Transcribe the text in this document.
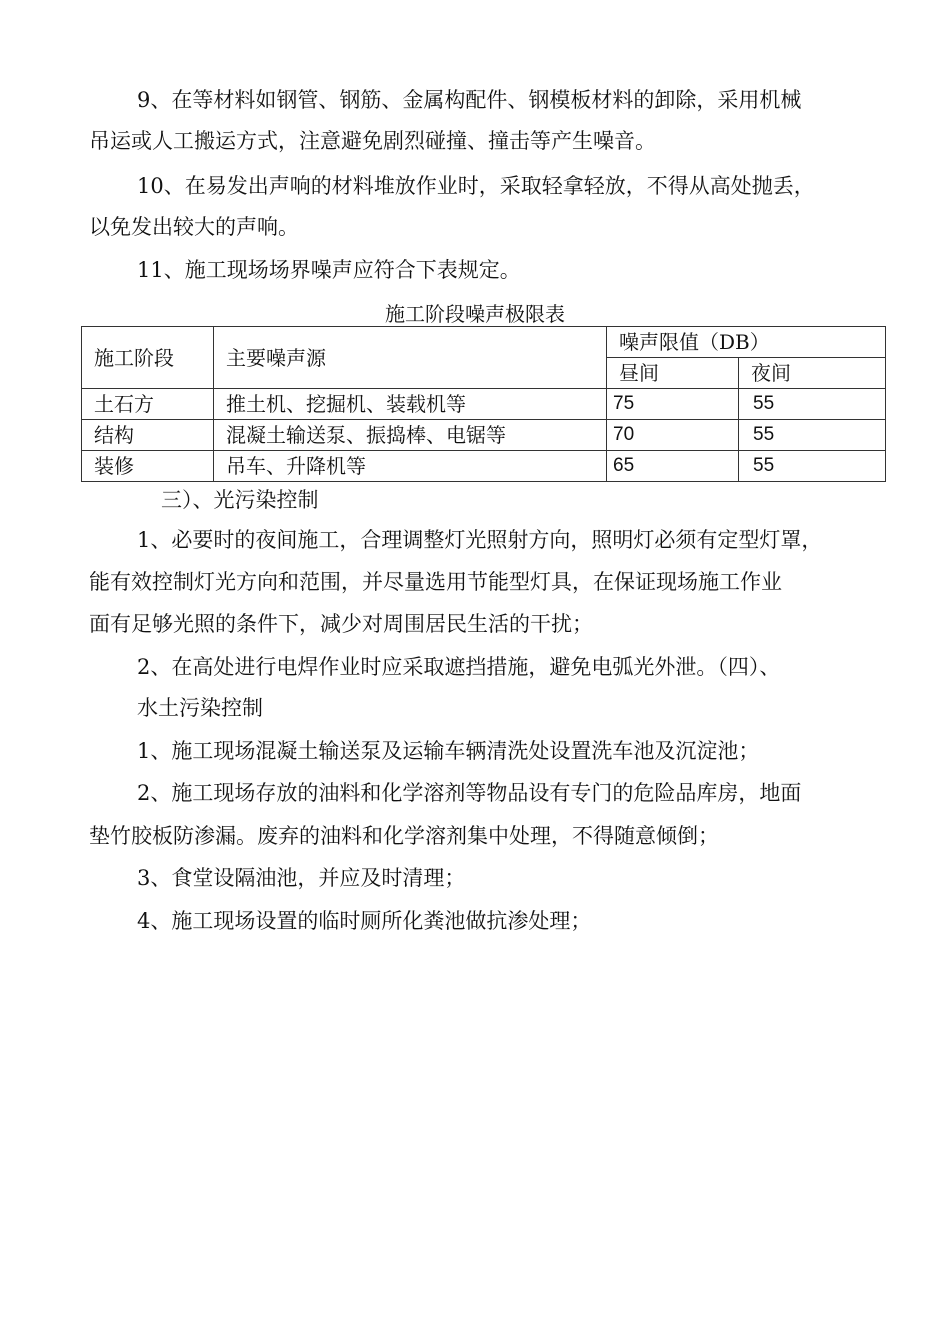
9、在等材料如钢管、钢筋、金属构配件、钢模板材料的卸除，采用机械

吊运或人工搬运方式，注意避免剧烈碰撞、撞击等产生噪音。

10、在易发出声响的材料堆放作业时，采取轻拿轻放，不得从高处抛丢，

以免发出较大的声响。

11、施工现场场界噪声应符合下表规定。

施工阶段噪声极限表

施工阶段	主要噪声源	噪声限值（DB）	
		昼间	夜间
土石方	推土机、挖掘机、装载机等	75	55
结构	混凝土输送泵、振捣棒、电锯等	70	55
装修	吊车、升降机等	65	55

三）、光污染控制

1、必要时的夜间施工，合理调整灯光照射方向，照明灯必须有定型灯罩，

能有效控制灯光方向和范围，并尽量选用节能型灯具，在保证现场施工作业

面有足够光照的条件下，减少对周围居民生活的干扰；

2、在高处进行电焊作业时应采取遮挡措施，避免电弧光外泄。（四）、

水土污染控制

1、施工现场混凝土输送泵及运输车辆清洗处设置洗车池及沉淀池；

2、施工现场存放的油料和化学溶剂等物品设有专门的危险品库房，地面

垫竹胶板防渗漏。废弃的油料和化学溶剂集中处理，不得随意倾倒；

3、食堂设隔油池，并应及时清理；

4、施工现场设置的临时厕所化粪池做抗渗处理；
